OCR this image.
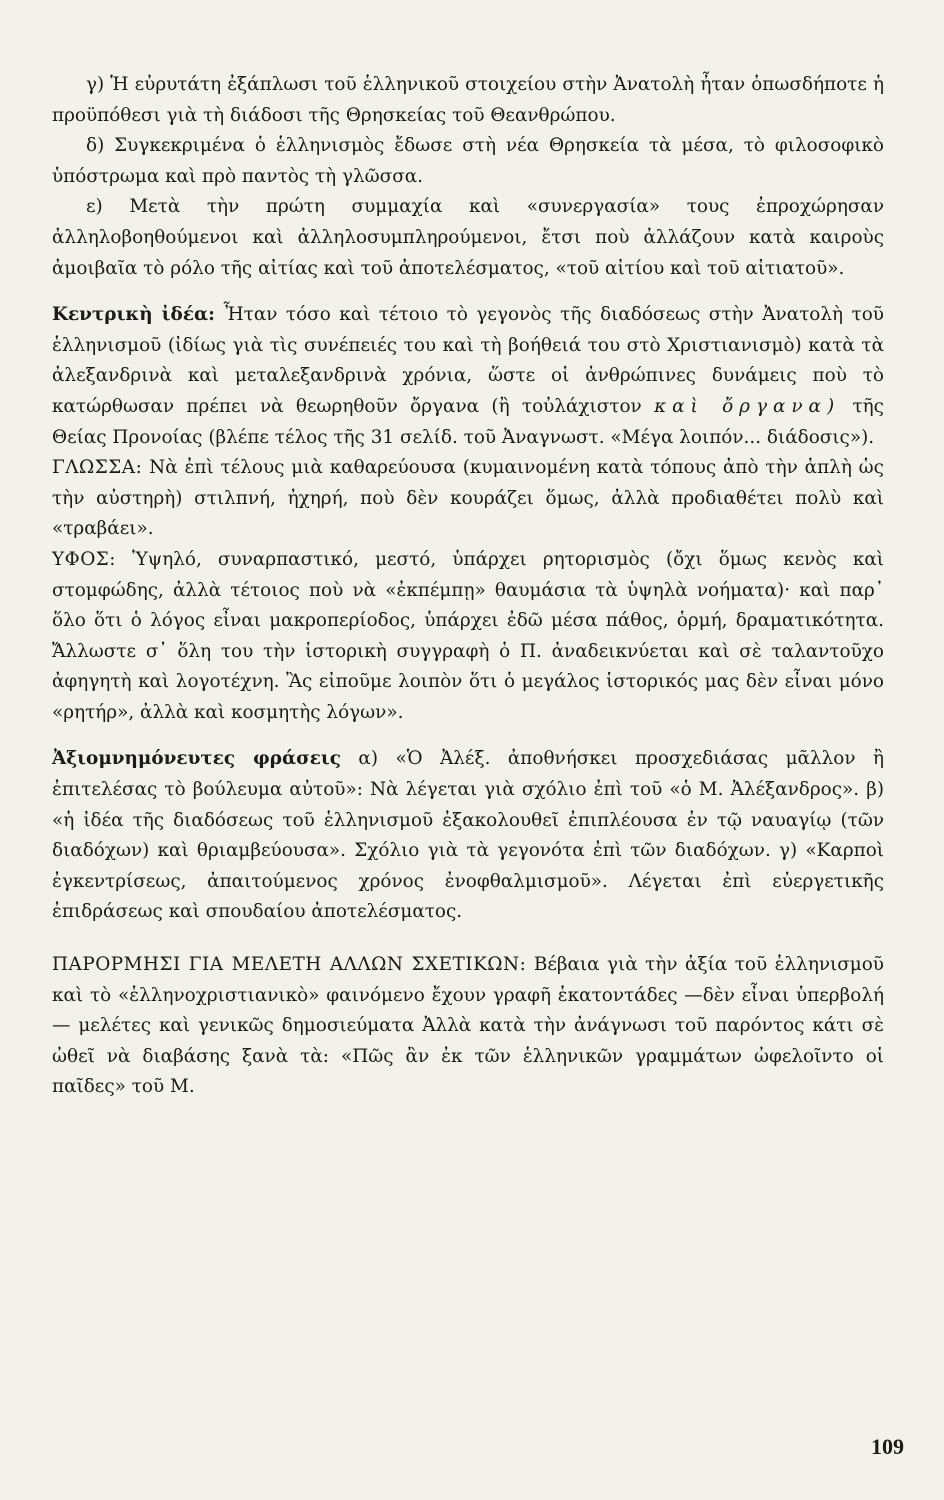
γ) Ἡ εὐρυτάτη ἐξάπλωσι τοῦ ἑλληνικοῦ στοιχείου στὴν Ἀνατολὴ ἦταν ὁπωσδήποτε ἡ προϋπόθεσι γιὰ τὴ διάδοσι τῆς Θρησκείας τοῦ Θεανθρώπου.

δ) Συγκεκριμένα ὁ ἑλληνισμὸς ἔδωσε στὴ νέα Θρησκεία τὰ μέσα, τὸ φιλοσοφικὸ ὑπόστρωμα καὶ πρὸ παντὸς τὴ γλῶσσα.

ε) Μετὰ τὴν πρώτη συμμαχία καὶ «συνεργασία» τους ἐπροχώρησαν ἀλληλοβοηθούμενοι καὶ ἀλληλοσυμπληρούμενοι, ἔτσι ποὺ ἀλλάζουν κατὰ καιροὺς ἀμοιβαῖα τὸ ρόλο τῆς αἰτίας καὶ τοῦ ἀποτελέσματος, «τοῦ αἰτίου καὶ τοῦ αἰτιατοῦ».

Κεντρικὴ ἰδέα: Ἦταν τόσο καὶ τέτοιο τὸ γεγονὸς τῆς διαδόσεως στὴν Ἀνατολὴ τοῦ ἑλληνισμοῦ (ἰδίως γιὰ τὶς συνέπειές του καὶ τὴ βοήθειά του στὸ Χριστιανισμὸ) κατὰ τὰ ἀλεξανδρινὰ καὶ μεταλεξανδρινὰ χρόνια, ὥστε οἱ ἀνθρώπινες δυνάμεις ποὺ τὸ κατώρθωσαν πρέπει νὰ θεωρηθοῦν ὄργανα (ἢ τοὐλάχιστον καὶ ὄργανα) τῆς Θείας Προνοίας (βλέπε τέλος τῆς 31 σελίδ. τοῦ Ἀναγνωστ. «Μέγα λοιπόν... διάδοσις»).

ΓΛΩΣΣΑ: Νὰ ἐπὶ τέλους μιὰ καθαρεύουσα (κυμαινομένη κατὰ τόπους ἀπὸ τὴν ἁπλὴ ὡς τὴν αὐστηρὴ) στιλπνή, ἠχηρή, ποὺ δὲν κουράζει ὅμως, ἀλλὰ προδιαθέτει πολὺ καὶ «τραβάει».

ΥΦΟΣ: Ὑψηλό, συναρπαστικό, μεστό, ὑπάρχει ρητορισμὸς (ὄχι ὅμως κενὸς καὶ στομφώδης, ἀλλὰ τέτοιος ποὺ νὰ «ἐκπέμπῃ» θαυμάσια τὰ ὑψηλὰ νοήματα)· καὶ παρ᾽ ὅλο ὅτι ὁ λόγος εἶναι μακροπερίοδος, ὑπάρχει ἐδῶ μέσα πάθος, ὁρμή, δραματικότητα. Ἄλλωστε σ᾽ ὅλη του τὴν ἱστορικὴ συγγραφὴ ὁ Π. ἀναδεικνύεται καὶ σὲ ταλαντοῦχο ἀφηγητὴ καὶ λογοτέχνη. Ἂς εἰποῦμε λοιπὸν ὅτι ὁ μεγάλος ἱστορικός μας δὲν εἶναι μόνο «ρητήρ», ἀλλὰ καὶ κοσμητὴς λόγων».

Ἀξιομνημόνευτες φράσεις α) «Ὁ Ἀλέξ. ἀποθνήσκει προσχεδιάσας μᾶλλον ἢ ἐπιτελέσας τὸ βούλευμα αὐτοῦ»: Νὰ λέγεται γιὰ σχόλιο ἐπὶ τοῦ «ὁ Μ. Ἀλέξανδρος». β) «ἡ ἰδέα τῆς διαδόσεως τοῦ ἑλληνισμοῦ ἐξακολουθεῖ ἐπιπλέουσα ἐν τῷ ναυαγίῳ (τῶν διαδόχων) καὶ θριαμβεύουσα». Σχόλιο γιὰ τὰ γεγονότα ἐπὶ τῶν διαδόχων. γ) «Καρποὶ ἐγκεντρίσεως, ἀπαιτούμενος χρόνος ἐνοφθαλμισμοῦ». Λέγεται ἐπὶ εὐεργετικῆς ἐπιδράσεως καὶ σπουδαίου ἀποτελέσματος.

ΠΑΡΟΡΜΗΣΙ ΓΙΑ ΜΕΛΕΤΗ ΑΛΛΩΝ ΣΧΕΤΙΚΩΝ: Βέβαια γιὰ τὴν ἀξία τοῦ ἑλληνισμοῦ καὶ τὸ «ἑλληνοχριστιανικὸ» φαινόμενο ἔχουν γραφῆ ἑκατοντάδες —δὲν εἶναι ὑπερβολή— μελέτες καὶ γενικῶς δημοσιεύματα Ἀλλὰ κατὰ τὴν ἀνάγνωσι τοῦ παρόντος κάτι σὲ ὠθεῖ νὰ διαβάσης ξανὰ τὰ: «Πῶς ἂν ἐκ τῶν ἑλληνικῶν γραμμάτων ὠφελοῖντο οἱ παῖδες» τοῦ Μ.

109
